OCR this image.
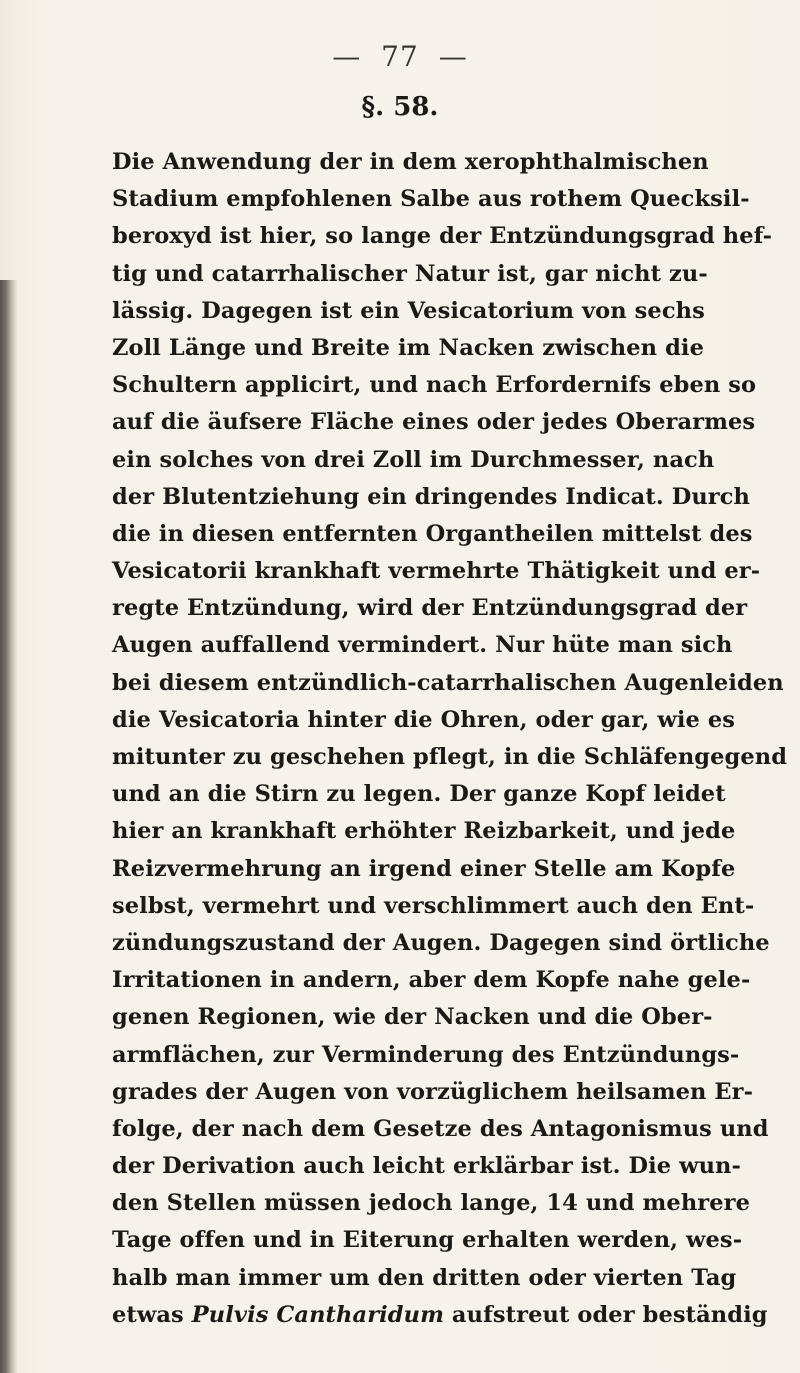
— 77 —
§. 58.
Die Anwendung der in dem xerophthalmischen
Stadium empfohlenen Salbe aus rothem Quecksil-
beroxyd ist hier, so lange der Entzündungsgrad hef-
tig und catarrhalischer Natur ist, gar nicht zu-
lässig. Dagegen ist ein Vesicatorium von sechs
Zoll Länge und Breite im Nacken zwischen die
Schultern applicirt, und nach Erfordernifs eben so
auf die äufsere Fläche eines oder jedes Oberarmes
ein solches von drei Zoll im Durchmesser, nach
der Blutentziehung ein dringendes Indicat. Durch
die in diesen entfernten Organtheilen mittelst des
Vesicatorii krankhaft vermehrte Thätigkeit und er-
regte Entzündung, wird der Entzündungsgrad der
Augen auffallend vermindert. Nur hüte man sich
bei diesem entzündlich-catarrhalischen Augenleiden
die Vesicatoria hinter die Ohren, oder gar, wie es
mitunter zu geschehen pflegt, in die Schläfengegend
und an die Stirn zu legen. Der ganze Kopf leidet
hier an krankhaft erhöhter Reizbarkeit, und jede
Reizvermehrung an irgend einer Stelle am Kopfe
selbst, vermehrt und verschlimmert auch den Ent-
zündungszustand der Augen. Dagegen sind örtliche
Irritationen in andern, aber dem Kopfe nahe gele-
genen Regionen, wie der Nacken und die Ober-
armflächen, zur Verminderung des Entzündungs-
grades der Augen von vorzüglichem heilsamen Er-
folge, der nach dem Gesetze des Antagonismus und
der Derivation auch leicht erklärbar ist. Die wun-
den Stellen müssen jedoch lange, 14 und mehrere
Tage offen und in Eiterung erhalten werden, wes-
halb man immer um den dritten oder vierten Tag
etwas Pulvis Cantharidum aufstreut oder beständig
